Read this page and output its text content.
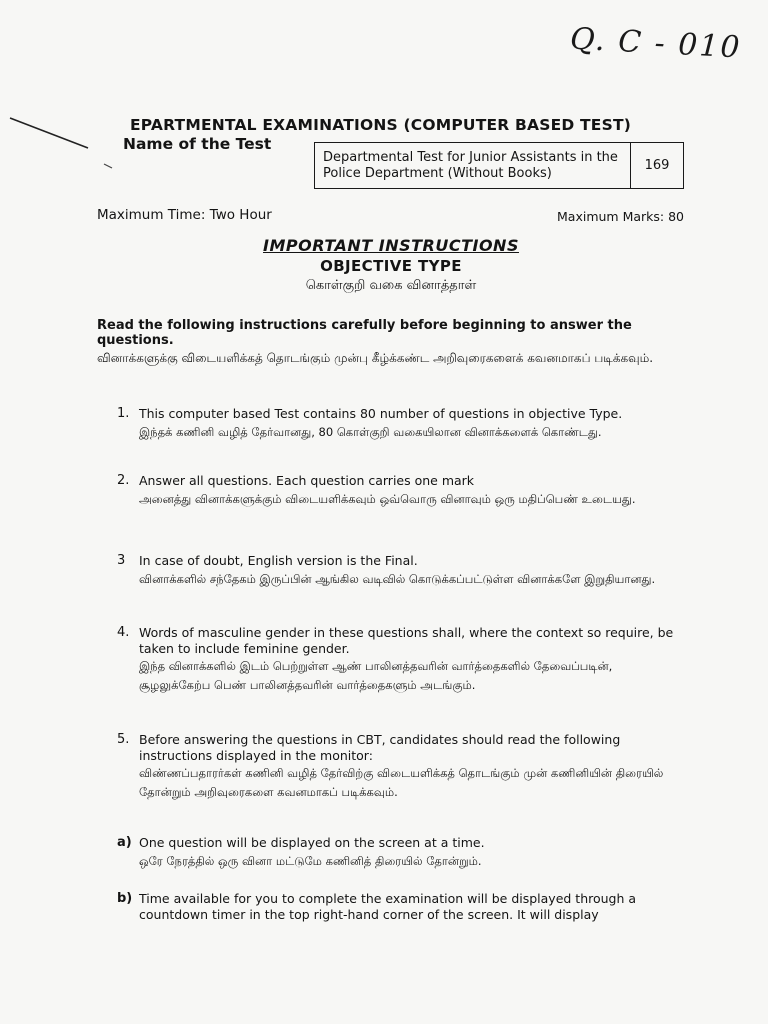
Q. C - 010
EPARTMENTAL EXAMINATIONS (COMPUTER BASED TEST)
Name of the Test
Departmental Test for Junior Assistants in the Police Department (Without Books)
169
Maximum Time: Two Hour	Maximum Marks: 80
IMPORTANT INSTRUCTIONS
OBJECTIVE TYPE
கொள்குறி வகை வினாத்தாள்
Read the following instructions carefully before beginning to answer the questions.
வினாக்களுக்கு விடையளிக்கத் தொடங்கும் முன்பு கீழ்க்கண்ட அறிவுரைகளைக் கவனமாகப் படிக்கவும்.
1. This computer based Test contains 80 number of questions in objective Type.
இந்தக் கணினி வழித் தேர்வானது, 80 கொள்குறி வகையிலான வினாக்களைக் கொண்டது.
2. Answer all questions. Each question carries one mark
அனைத்து வினாக்களுக்கும் விடையளிக்கவும் ஒவ்வொரு வினாவும் ஒரு மதிப்பெண் உடையது.
3	In case of doubt, English version is the Final.
வினாக்களில் சந்தேகம் இருப்பின் ஆங்கில வடிவில் கொடுக்கப்பட்டுள்ள வினாக்களே இறுதியானது.
4. Words of masculine gender in these questions shall, where the context so require, be taken to include feminine gender.
இந்த வினாக்களில் இடம் பெற்றுள்ள ஆண் பாலினத்தவரின் வார்த்தைகளில் தேவைப்படின், சூழலுக்கேற்ப பெண் பாலினத்தவரின் வார்த்தைகளும் அடங்கும்.
5. Before answering the questions in CBT, candidates should read the following instructions displayed in the monitor:
விண்ணப்பதாரர்கள் கணினி வழித் தேர்விற்கு விடையளிக்கத் தொடங்கும் முன் கணினியின் திரையில் தோன்றும் அறிவுரைகளை கவனமாகப் படிக்கவும்.
a) One question will be displayed on the screen at a time.
ஒரே நேரத்தில் ஒரு வினா மட்டுமே கணினித் திரையில் தோன்றும்.
b) Time available for you to complete the examination will be displayed through a countdown timer in the top right-hand corner of the screen. It will display
